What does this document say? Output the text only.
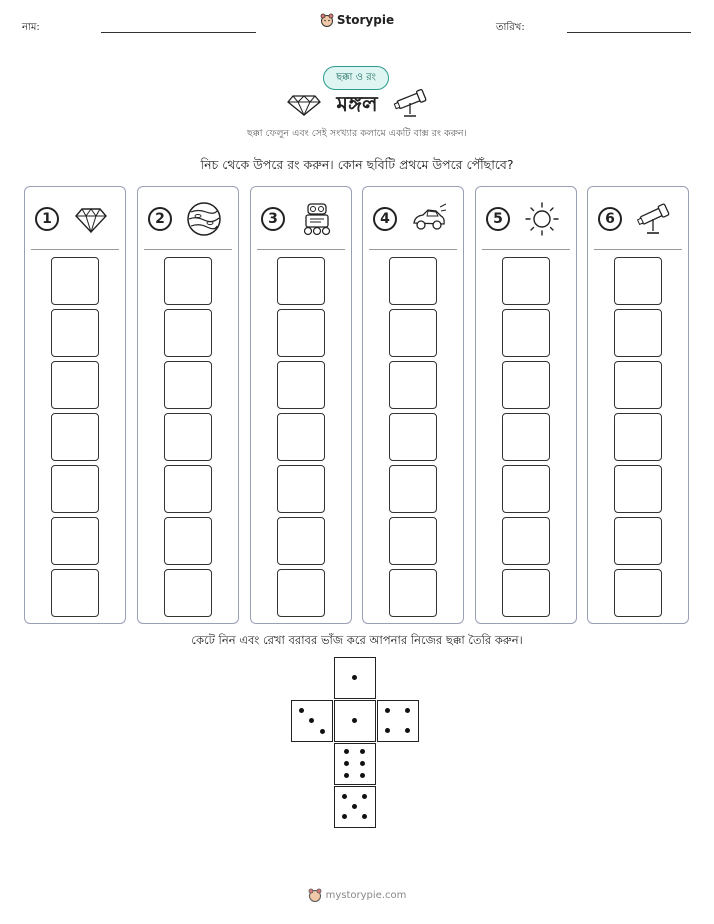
নাম:
Storypie
তারিখ:
ছক্কা ও রং
মঙ্গল
ছক্কা ফেলুন এবং সেই সংখ্যার কলামে একটি বাক্স রং করুন।
নিচ থেকে উপরে রং করুন। কোন ছবিটি প্রথমে উপরে পৌঁছাবে?
1	2	3	4	5	6
কেটে নিন এবং রেখা বরাবর ভাঁজ করে আপনার নিজের ছক্কা তৈরি করুন।
mystorypie.com
